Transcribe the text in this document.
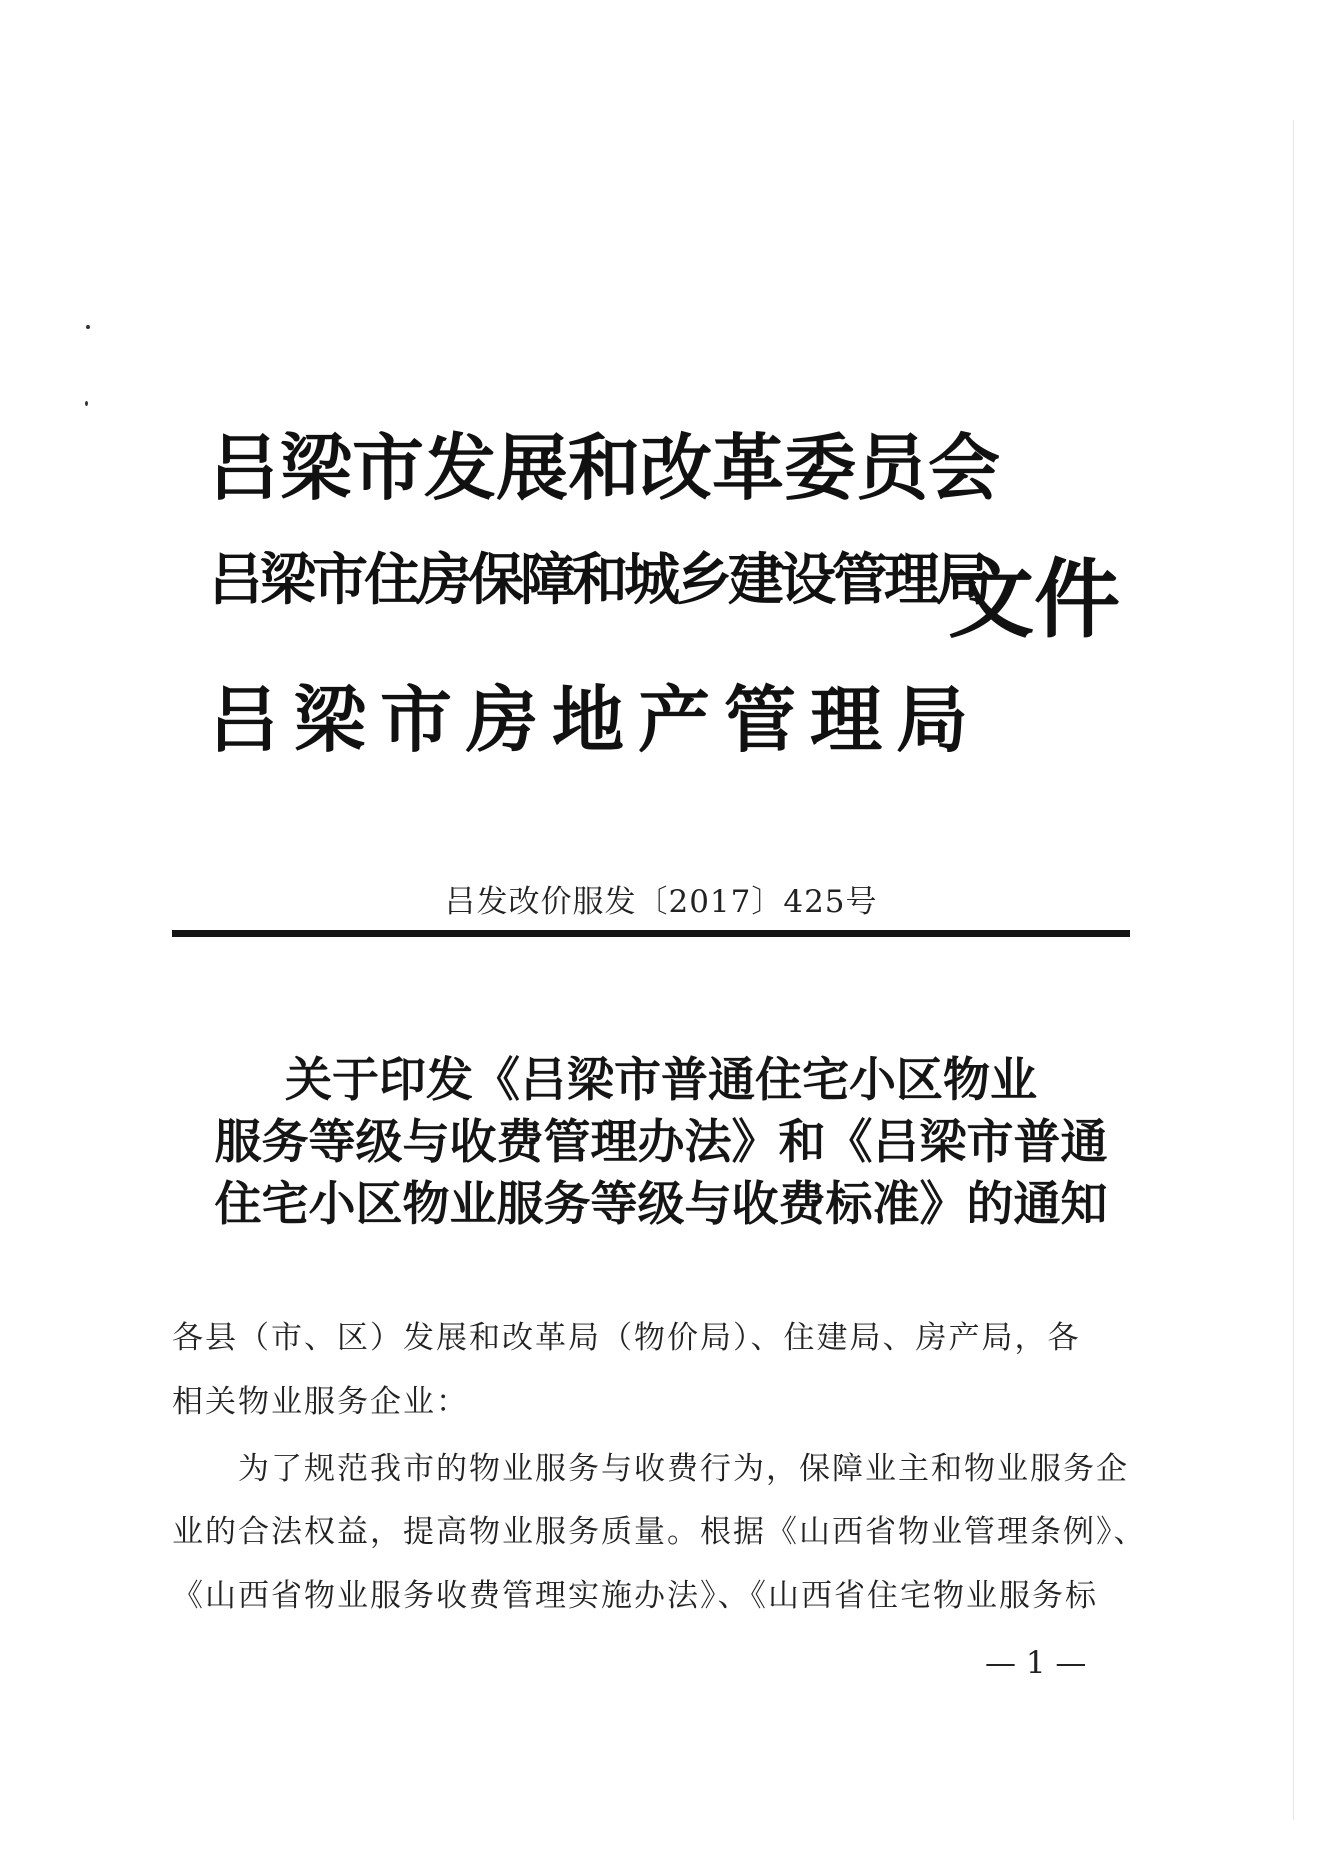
吕梁市发展和改革委员会
吕梁市住房保障和城乡建设管理局
吕梁市房地产管理局
文件
吕发改价服发〔2017〕425号
关于印发《吕梁市普通住宅小区物业
服务等级与收费管理办法》和《吕梁市普通
住宅小区物业服务等级与收费标准》的通知
各县（市、区）发展和改革局（物价局）、住建局、房产局，各
相关物业服务企业：
为了规范我市的物业服务与收费行为，保障业主和物业服务企
业的合法权益，提高物业服务质量。根据《山西省物业管理条例》、
《山西省物业服务收费管理实施办法》、《山西省住宅物业服务标
— 1 —
